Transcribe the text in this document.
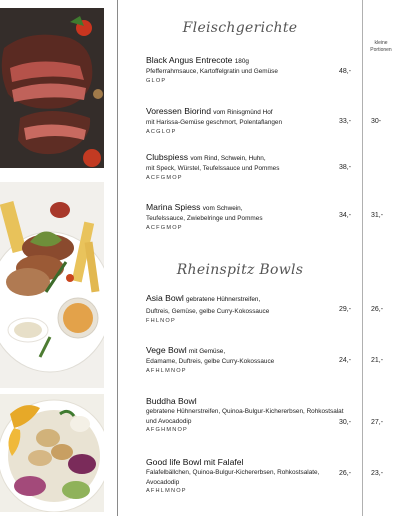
Fleischgerichte
kleine Portionen
Black Angus Entrecote 180g
Pfefferrahmsauce, Kartoffelgratin und Gemüse
GLOP
48,-
Voressen Biorind vom Rinisgmünd Hof
mit Harissa-Gemüse geschmort, Polentaflangen
ACGLOP
33,-	30-
Clubspiess vom Rind, Schwein, Huhn,
mit Speck, Würstel, Teufelssauce und Pommes
ACFGMOP
38,-
Marina Spiess vom Schwein,
Teufelssauce, Zwiebelringe und Pommes
ACFGMOP
34,-	31,-
Rheinspitz Bowls
Asia Bowl gebratene Hühnerstreifen,
Duftreis, Gemüse, gelbe Curry-Kokossauce
FHLNOP
29,-	26,-
Vege Bowl mit Gemüse,
Edamame, Duftreis, gelbe Curry-Kokossauce
AFHLMNOP
24,-	21,-
Buddha Bowl
gebratene Hühnerstreifen, Quinoa-Bulgur-Kichererbsen, Rohkostsalat und Avocadodip
AFGHMNOP
30,-	27,-
Good life Bowl mit Falafel
Falafelbällchen, Quinoa-Bulgur-Kichererbsen, Rohkostsalate, Avocadodip
AFHLMNOP
26,-	23,-
